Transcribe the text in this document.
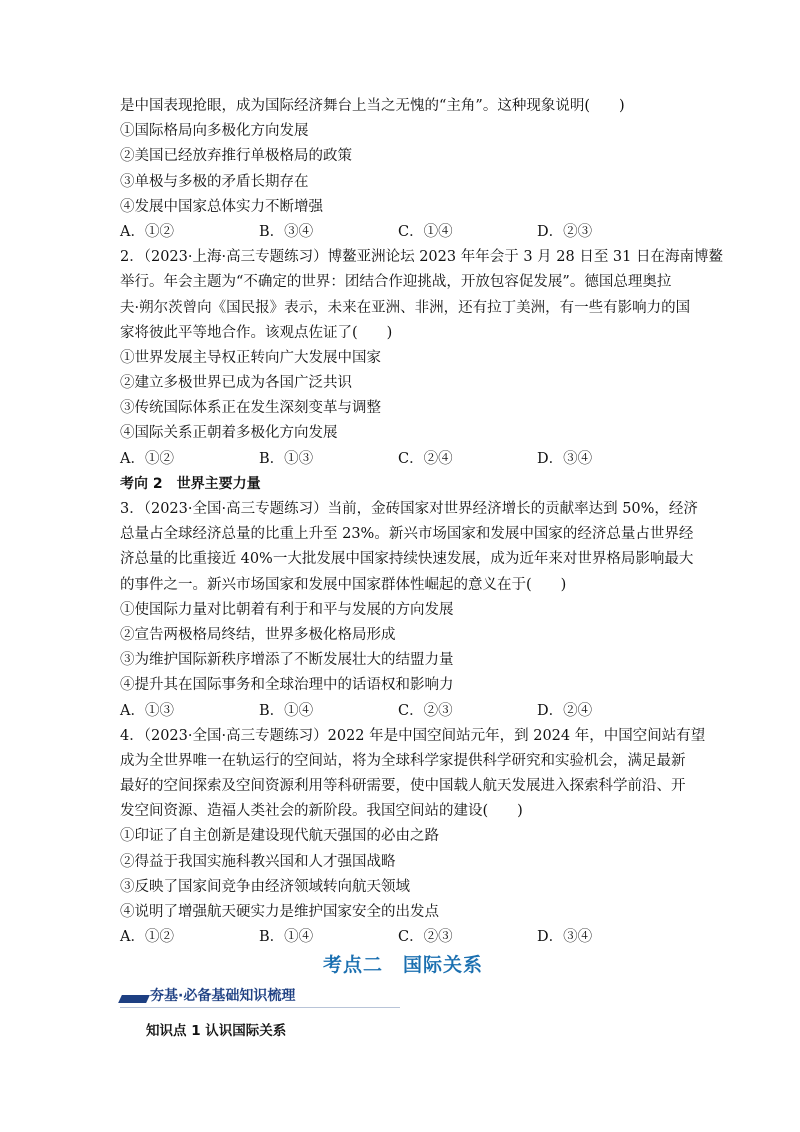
是中国表现抢眼，成为国际经济舞台上当之无愧的“主角”。这种现象说明(　　)
①国际格局向多极化方向发展
②美国已经放弃推行单极格局的政策
③单极与多极的矛盾长期存在
④发展中国家总体实力不断增强
A．①②	B．③④	C．①④	D．②③
2．（2023·上海·高三专题练习）博鳌亚洲论坛 2023 年年会于 3 月 28 日至 31 日在海南博鳌
举行。年会主题为“不确定的世界：团结合作迎挑战，开放包容促发展”。德国总理奥拉
夫·朔尔茨曾向《国民报》表示，未来在亚洲、非洲，还有拉丁美洲，有一些有影响力的国
家将彼此平等地合作。该观点佐证了(　　)
①世界发展主导权正转向广大发展中国家
②建立多极世界已成为各国广泛共识
③传统国际体系正在发生深刻变革与调整
④国际关系正朝着多极化方向发展
A．①②	B．①③	C．②④	D．③④
考向 2　世界主要力量
3．（2023·全国·高三专题练习）当前，金砖国家对世界经济增长的贡献率达到 50%，经济
总量占全球经济总量的比重上升至 23%。新兴市场国家和发展中国家的经济总量占世界经
济总量的比重接近 40%一大批发展中国家持续快速发展，成为近年来对世界格局影响最大
的事件之一。新兴市场国家和发展中国家群体性崛起的意义在于(　　)
①使国际力量对比朝着有利于和平与发展的方向发展
②宣告两极格局终结，世界多极化格局形成
③为维护国际新秩序增添了不断发展壮大的结盟力量
④提升其在国际事务和全球治理中的话语权和影响力
A．①③	B．①④	C．②③	D．②④
4．（2023·全国·高三专题练习）2022 年是中国空间站元年，到 2024 年，中国空间站有望
成为全世界唯一在轨运行的空间站，将为全球科学家提供科学研究和实验机会，满足最新
最好的空间探索及空间资源利用等科研需要，使中国载人航天发展进入探索科学前沿、开
发空间资源、造福人类社会的新阶段。我国空间站的建设(　　)
①印证了自主创新是建设现代航天强国的必由之路
②得益于我国实施科教兴国和人才强国战略
③反映了国家间竞争由经济领域转向航天领域
④说明了增强航天硬实力是维护国家安全的出发点
A．①②	B．①④	C．②③	D．③④
考点二　国际关系
夯基·必备基础知识梳理
知识点 1 认识国际关系
